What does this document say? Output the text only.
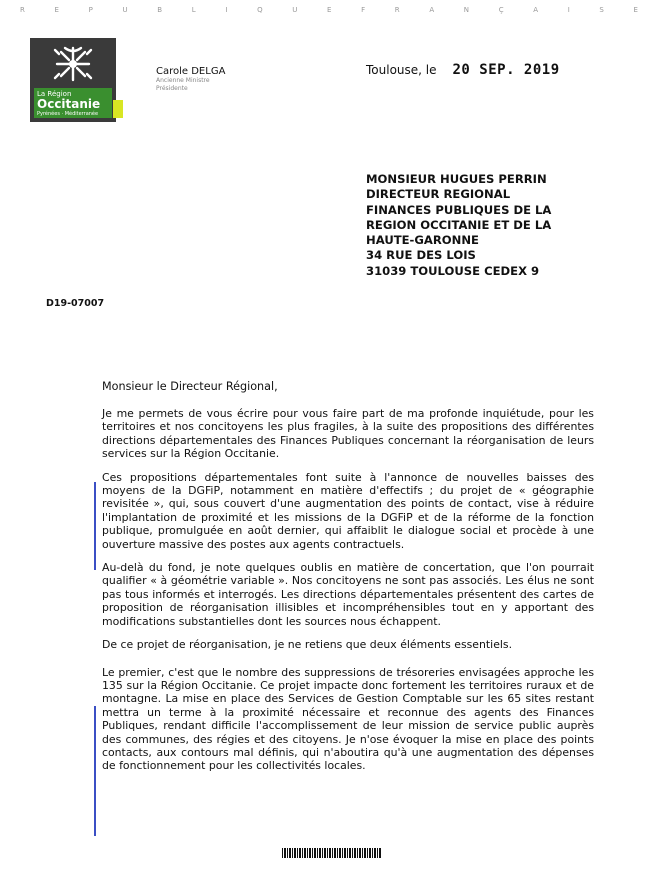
R	E	P	U	B	L	I	Q	U	E	F	R	A	N	Ç	A	I	S	E
La Région
Occitanie
Pyrénées · Méditerranée
Carole DELGA
Ancienne Ministre
Présidente
Toulouse, le 20 SEP. 2019
MONSIEUR HUGUES PERRIN
DIRECTEUR REGIONAL
FINANCES PUBLIQUES DE LA
REGION OCCITANIE ET DE LA
HAUTE-GARONNE
34 RUE DES LOIS
31039 TOULOUSE CEDEX 9
D19-07007

Monsieur le Directeur Régional,

Je me permets de vous écrire pour vous faire part de ma profonde inquiétude, pour les territoires et nos concitoyens les plus fragiles, à la suite des propositions des différentes directions départementales des Finances Publiques concernant la réorganisation de leurs services sur la Région Occitanie.

Ces propositions départementales font suite à l'annonce de nouvelles baisses des moyens de la DGFiP, notamment en matière d'effectifs ; du projet de « géographie revisitée », qui, sous couvert d'une augmentation des points de contact, vise à réduire l'implantation de proximité et les missions de la DGFiP et de la réforme de la fonction publique, promulguée en août dernier, qui affaiblit le dialogue social et procède à une ouverture massive des postes aux agents contractuels.

Au-delà du fond, je note quelques oublis en matière de concertation, que l'on pourrait qualifier « à géométrie variable ». Nos concitoyens ne sont pas associés. Les élus ne sont pas tous informés et interrogés. Les directions départementales présentent des cartes de proposition de réorganisation illisibles et incompréhensibles tout en y apportant des modifications substantielles dont les sources nous échappent.

De ce projet de réorganisation, je ne retiens que deux éléments essentiels.

Le premier, c'est que le nombre des suppressions de trésoreries envisagées approche les 135 sur la Région Occitanie. Ce projet impacte donc fortement les territoires ruraux et de montagne. La mise en place des Services de Gestion Comptable sur les 65 sites restant mettra un terme à la proximité nécessaire et reconnue des agents des Finances Publiques, rendant difficile l'accomplissement de leur mission de service public auprès des communes, des régies et des citoyens. Je n'ose évoquer la mise en place des points contacts, aux contours mal définis, qui n'aboutira qu'à une augmentation des dépenses de fonctionnement pour les collectivités locales.
